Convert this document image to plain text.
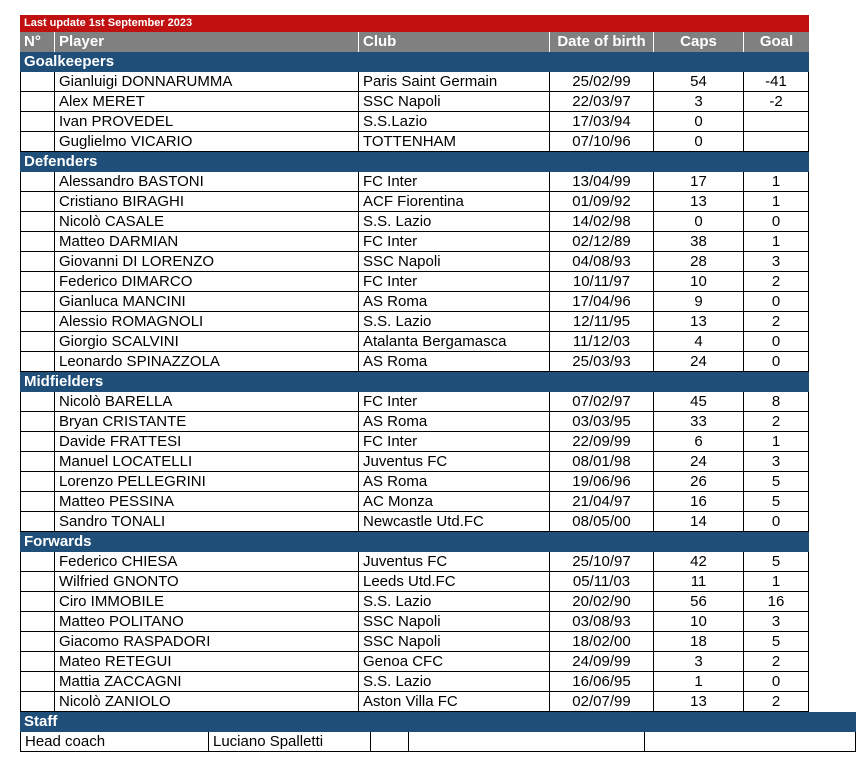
Last update 1st September 2023
N°	Player	Club	Date of birth	Caps	Goal
Goalkeepers
Gianluigi DONNARUMMA	Paris Saint Germain	25/02/99	54	-41
Alex MERET	SSC Napoli	22/03/97	3	-2
Ivan PROVEDEL	S.S.Lazio	17/03/94	0
Guglielmo VICARIO	TOTTENHAM	07/10/96	0
Defenders
Alessandro BASTONI	FC Inter	13/04/99	17	1
Cristiano BIRAGHI	ACF Fiorentina	01/09/92	13	1
Nicolò CASALE	S.S. Lazio	14/02/98	0	0
Matteo DARMIAN	FC Inter	02/12/89	38	1
Giovanni DI LORENZO	SSC Napoli	04/08/93	28	3
Federico DIMARCO	FC Inter	10/11/97	10	2
Gianluca MANCINI	AS Roma	17/04/96	9	0
Alessio ROMAGNOLI	S.S. Lazio	12/11/95	13	2
Giorgio SCALVINI	Atalanta Bergamasca	11/12/03	4	0
Leonardo SPINAZZOLA	AS Roma	25/03/93	24	0
Midfielders
Nicolò BARELLA	FC Inter	07/02/97	45	8
Bryan CRISTANTE	AS Roma	03/03/95	33	2
Davide FRATTESI	FC Inter	22/09/99	6	1
Manuel LOCATELLI	Juventus FC	08/01/98	24	3
Lorenzo PELLEGRINI	AS Roma	19/06/96	26	5
Matteo PESSINA	AC Monza	21/04/97	16	5
Sandro TONALI	Newcastle Utd.FC	08/05/00	14	0
Forwards
Federico CHIESA	Juventus FC	25/10/97	42	5
Wilfried GNONTO	Leeds Utd.FC	05/11/03	11	1
Ciro IMMOBILE	S.S. Lazio	20/02/90	56	16
Matteo POLITANO	SSC Napoli	03/08/93	10	3
Giacomo RASPADORI	SSC Napoli	18/02/00	18	5
Mateo RETEGUI	Genoa CFC	24/09/99	3	2
Mattia ZACCAGNI	S.S. Lazio	16/06/95	1	0
Nicolò ZANIOLO	Aston Villa FC	02/07/99	13	2
Staff
Head coach	Luciano Spalletti
